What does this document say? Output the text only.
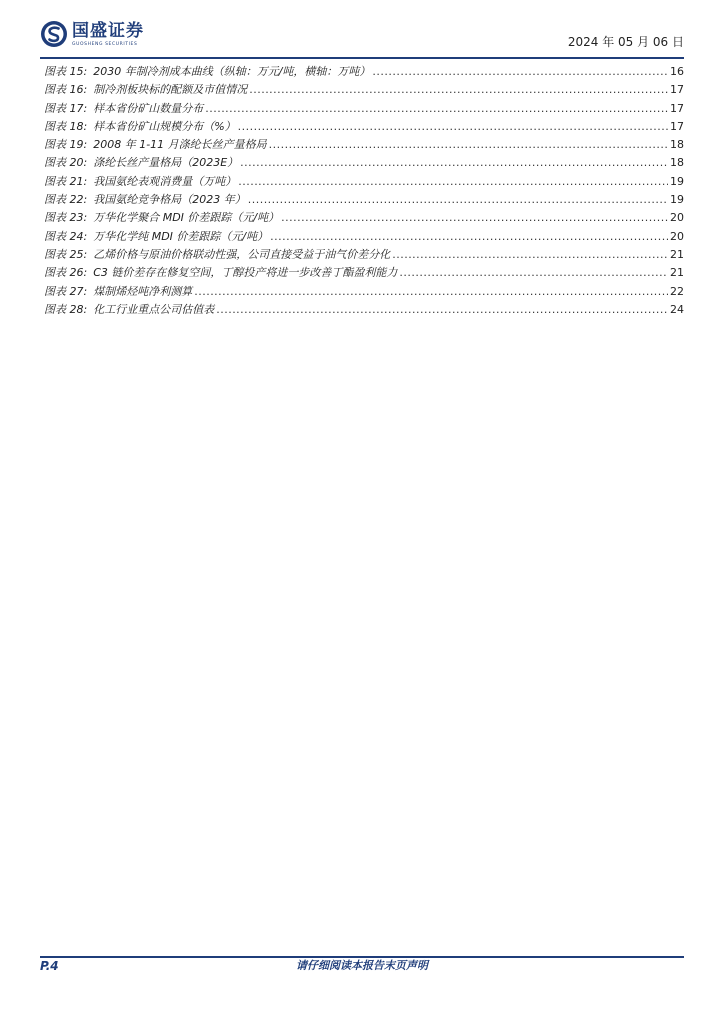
国盛证券
GUOSHENG SECURITIES	2024 年 05 月 06 日
图表 15: 2030 年制冷剂成本曲线（纵轴：万元/吨，横轴：万吨） .....	16
图表 16: 制冷剂板块标的配额及市值情况 .....	17
图表 17: 样本省份矿山数量分布 .....	17
图表 18: 样本省份矿山规模分布（%） .....	17
图表 19: 2008 年 1-11 月涤纶长丝产量格局 .....	18
图表 20: 涤纶长丝产量格局（2023E） .....	18
图表 21: 我国氨纶表观消费量（万吨） .....	19
图表 22: 我国氨纶竞争格局（2023 年） .....	19
图表 23: 万华化学聚合 MDI 价差跟踪（元/吨） .....	20
图表 24: 万华化学纯 MDI 价差跟踪（元/吨） .....	20
图表 25: 乙烯价格与原油价格联动性强，公司直接受益于油气价差分化 .....	21
图表 26: C3 链价差存在修复空间，丁醇投产将进一步改善丁酯盈利能力 .....	21
图表 27: 煤制烯烃吨净利测算 .....	22
图表 28: 化工行业重点公司估值表 .....	24
P.4	请仔细阅读本报告末页声明
